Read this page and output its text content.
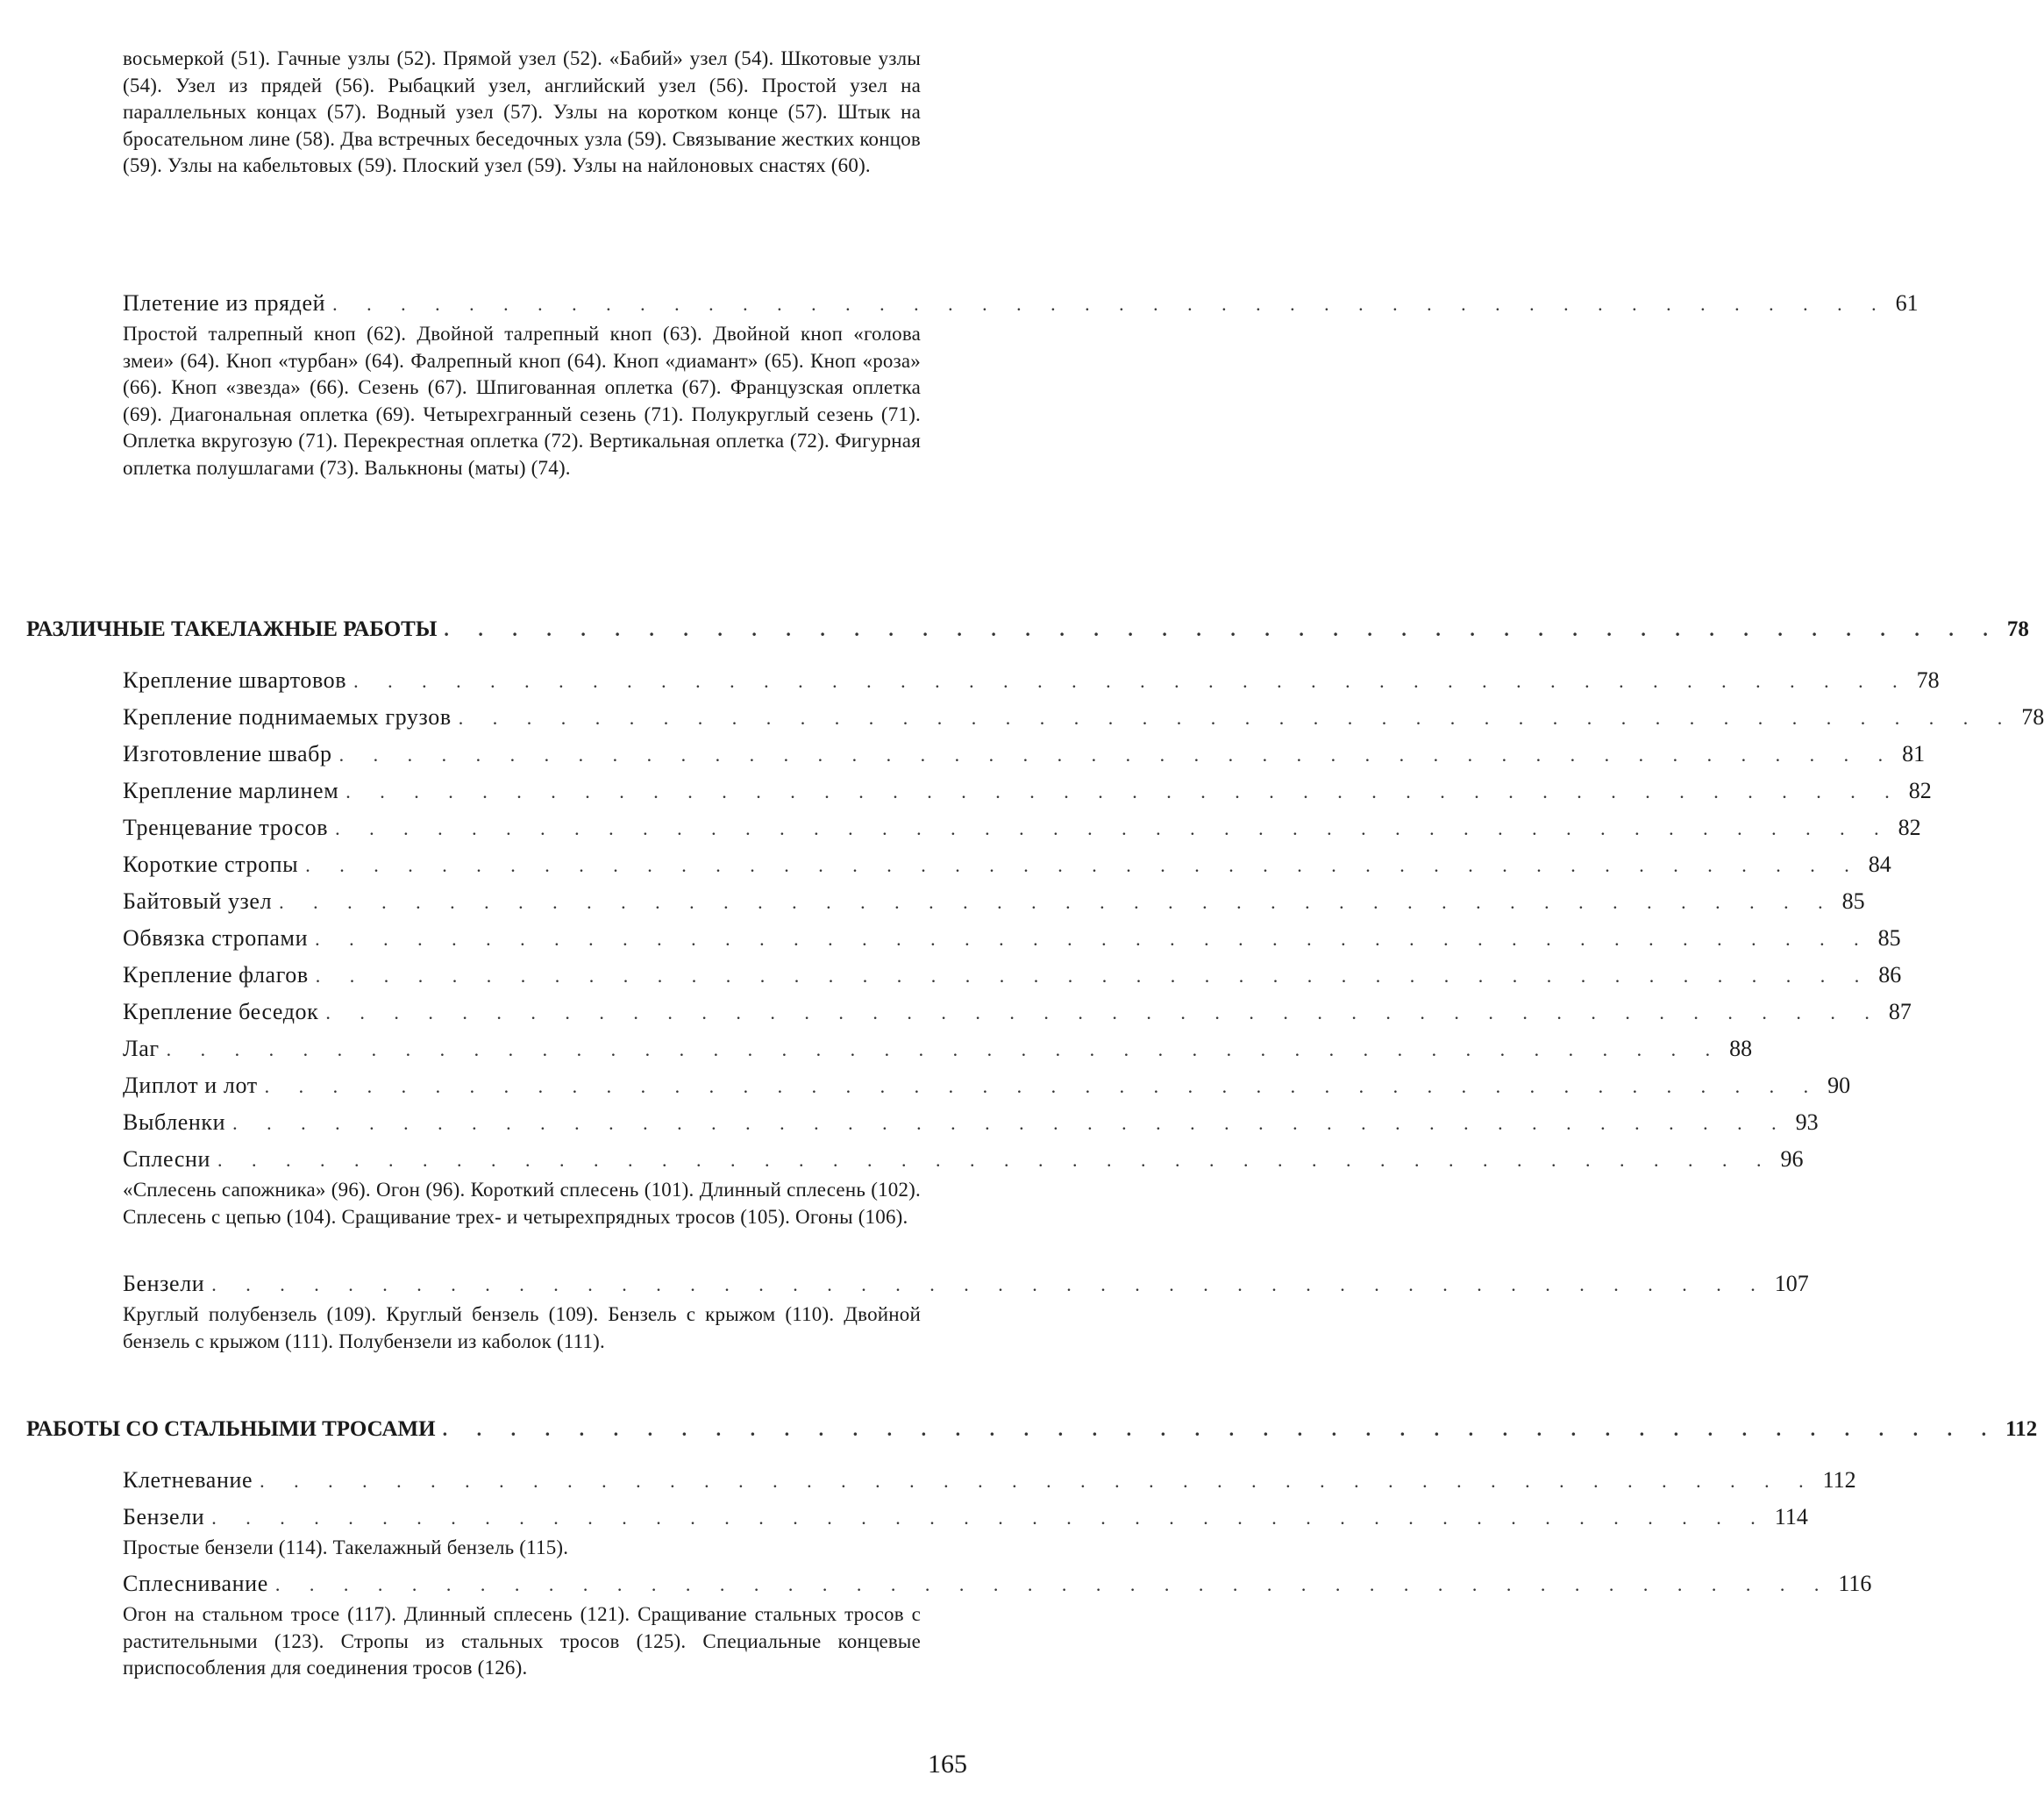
восьмеркой (51). Гачные узлы (52). Прямой узел (52). «Бабий» узел (54). Шкотовые узлы (54). Узел из прядей (56). Рыбацкий узел, английский узел (56). Простой узел на параллельных концах (57). Водный узел (57). Узлы на коротком конце (57). Штык на бросательном лине (58). Два встречных беседочных узла (59). Связывание жестких концов (59). Узлы на кабельтовых (59). Плоский узел (59). Узлы на найлоновых снастях (60).
Плетение из прядей . . . . . . . . . . . . . . . . . . . . . . . . . . . . . . . . . . . . . . . . . . . . . . 61
Простой талрепный кноп (62). Двойной талрепный кноп (63). Двойной кноп «голова змеи» (64). Кноп «турбан» (64). Фалрепный кноп (64). Кноп «диамант» (65). Кноп «роза» (66). Кноп «звезда» (66). Сезень (67). Шпигованная оплетка (67). Французская оплетка (69). Диагональная оплетка (69). Четырехгранный сезень (71). Полукруглый сезень (71). Оплетка вкругозую (71). Перекрестная оплетка (72). Вертикальная оплетка (72). Фигурная оплетка полушлагами (73). Валькноны (маты) (74).
РАЗЛИЧНЫЕ ТАКЕЛАЖНЫЕ РАБОТЫ . . . . . . . . . . . . . . . . . . . . . . . . . . . . . . . . . . . . . . . . . . . . . . 78
Крепление швартовов . . . . . . . . . . . . . . . . . . . . . . . . . . . . . . . . . . . . . . . . . . . . . . 78
Крепление поднимаемых грузов . . . . . . . . . . . . . . . . . . . . . . . . . . . . . . . . . . . . . . . . . . . . . . 78
Изготовление швабр . . . . . . . . . . . . . . . . . . . . . . . . . . . . . . . . . . . . . . . . . . . . . . 81
Крепление марлинем . . . . . . . . . . . . . . . . . . . . . . . . . . . . . . . . . . . . . . . . . . . . . . 82
Тренцевание тросов . . . . . . . . . . . . . . . . . . . . . . . . . . . . . . . . . . . . . . . . . . . . . . 82
Короткие стропы . . . . . . . . . . . . . . . . . . . . . . . . . . . . . . . . . . . . . . . . . . . . . . 84
Байтовый узел . . . . . . . . . . . . . . . . . . . . . . . . . . . . . . . . . . . . . . . . . . . . . . 85
Обвязка стропами . . . . . . . . . . . . . . . . . . . . . . . . . . . . . . . . . . . . . . . . . . . . . . 85
Крепление флагов . . . . . . . . . . . . . . . . . . . . . . . . . . . . . . . . . . . . . . . . . . . . . . 86
Крепление беседок . . . . . . . . . . . . . . . . . . . . . . . . . . . . . . . . . . . . . . . . . . . . . . 87
Лаг . . . . . . . . . . . . . . . . . . . . . . . . . . . . . . . . . . . . . . . . . . . . . . 88
Диплот и лот . . . . . . . . . . . . . . . . . . . . . . . . . . . . . . . . . . . . . . . . . . . . . . 90
Выбленки . . . . . . . . . . . . . . . . . . . . . . . . . . . . . . . . . . . . . . . . . . . . . . 93
Сплесни . . . . . . . . . . . . . . . . . . . . . . . . . . . . . . . . . . . . . . . . . . . . . . 96
«Сплесень сапожника» (96). Огон (96). Короткий сплесень (101). Длинный сплесень (102). Сплесень с цепью (104). Сращивание трех- и четырехпрядных тросов (105). Огоны (106).
Бензели . . . . . . . . . . . . . . . . . . . . . . . . . . . . . . . . . . . . . . . . . . . . . . 107
Круглый полубензель (109). Круглый бензель (109). Бензель с крыжом (110). Двойной бензель с крыжом (111). Полубензели из каболок (111).
РАБОТЫ СО СТАЛЬНЫМИ ТРОСАМИ . . . . . . . . . . . . . . . . . . . . . . . . . . . . . . . . . . . . . . . . . . . . . . 112
Клетневание . . . . . . . . . . . . . . . . . . . . . . . . . . . . . . . . . . . . . . . . . . . . . . 112
Бензели . . . . . . . . . . . . . . . . . . . . . . . . . . . . . . . . . . . . . . . . . . . . . . 114
Простые бензели (114). Такелажный бензель (115).
Сплеснивание . . . . . . . . . . . . . . . . . . . . . . . . . . . . . . . . . . . . . . . . . . . . . . 116
Огон на стальном тросе (117). Длинный сплесень (121). Сращивание стальных тросов с растительными (123). Стропы из стальных тросов (125). Специальные концевые приспособления для соединения тросов (126).
165
